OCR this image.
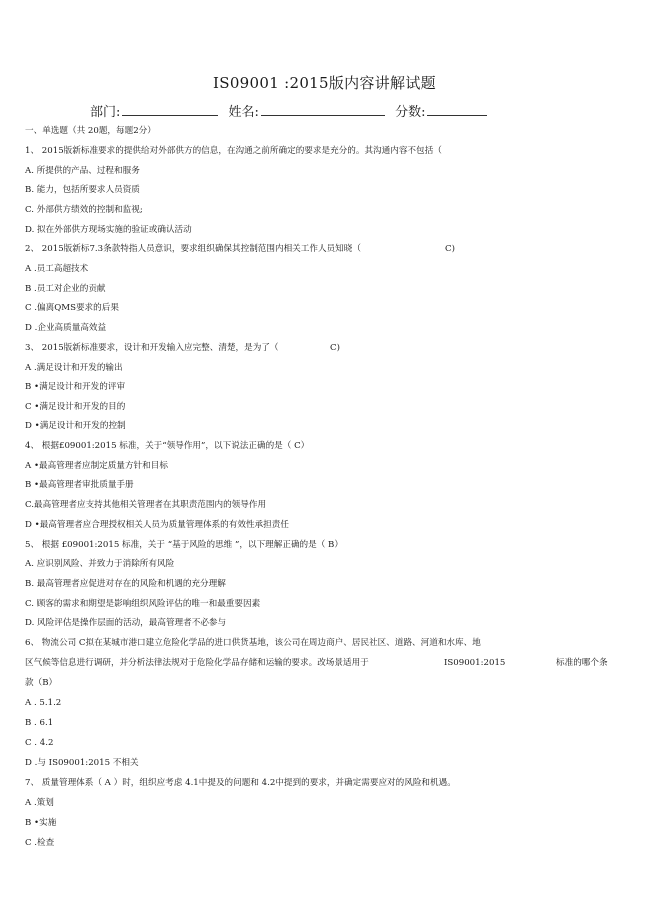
IS09001 :2015版内容讲解试题
部门:	姓名:	分数:
一、单选题（共 20题，每题2分）
1、 2015版新标准要求的提供给对外部供方的信息，在沟通之前所确定的要求是充分的。其沟通内容不包括（
A. 所提供的产品、过程和服务
B. 能力，包括所要求人员资质
C. 外部供方绩效的控制和监视;
D. 拟在外部供方现场实施的验证或确认活动
2、 2015版新标7.3条款特指人员意识，要求组织确保其控制范围内相关工作人员知晓（	C)
A .员工高超技术
B .员工对企业的贡献
C .偏离QMS要求的后果
D .企业高质量高效益
3、 2015版新标准要求，设计和开发输入应完整、清楚，是为了（	C)
A .满足设计和开发的输出
B •满足设计和开发的评审
C •满足设计和开发的目的
D •满足设计和开发的控制
4、 根据£09001:2015 标准，关于“领导作用”，以下说法正确的是（ C）
A •最高管理者应制定质量方针和目标
B •最高管理者审批质量手册
C.最高管理者应支持其他相关管理者在其职责范围内的领导作用
D •最高管理者应合理授权相关人员为质量管理体系的有效性承担责任
5、 根据 £09001:2015 标准，关于 “基于风险的思维 ”，以下理解正确的是（ B）
A. 应识别风险、并致力于消除所有风险
B. 最高管理者应促进对存在的风险和机遇的充分理解
C. 顾客的需求和期望是影响组织风险评估的唯一和最重要因素
D. 风险评估是操作层面的活动，最高管理者不必参与
6、 物流公司 C拟在某城市港口建立危险化学品的进口供货基地，该公司在周边商户、居民社区、道路、河道和水库、地
区气候等信息进行调研，并分析法律法规对于危险化学品存储和运输的要求。改场景适用于	IS09001:2015	标准的哪个条
款（B）
A . 5.1.2
B . 6.1
C . 4.2
D .与 IS09001:2015 不相关
7、 质量管理体系（ A ）时，组织应考虑 4.1中提及的问题和 4.2中提到的要求，并确定需要应对的风险和机遇。
A .策划
B •实施
C .检查
